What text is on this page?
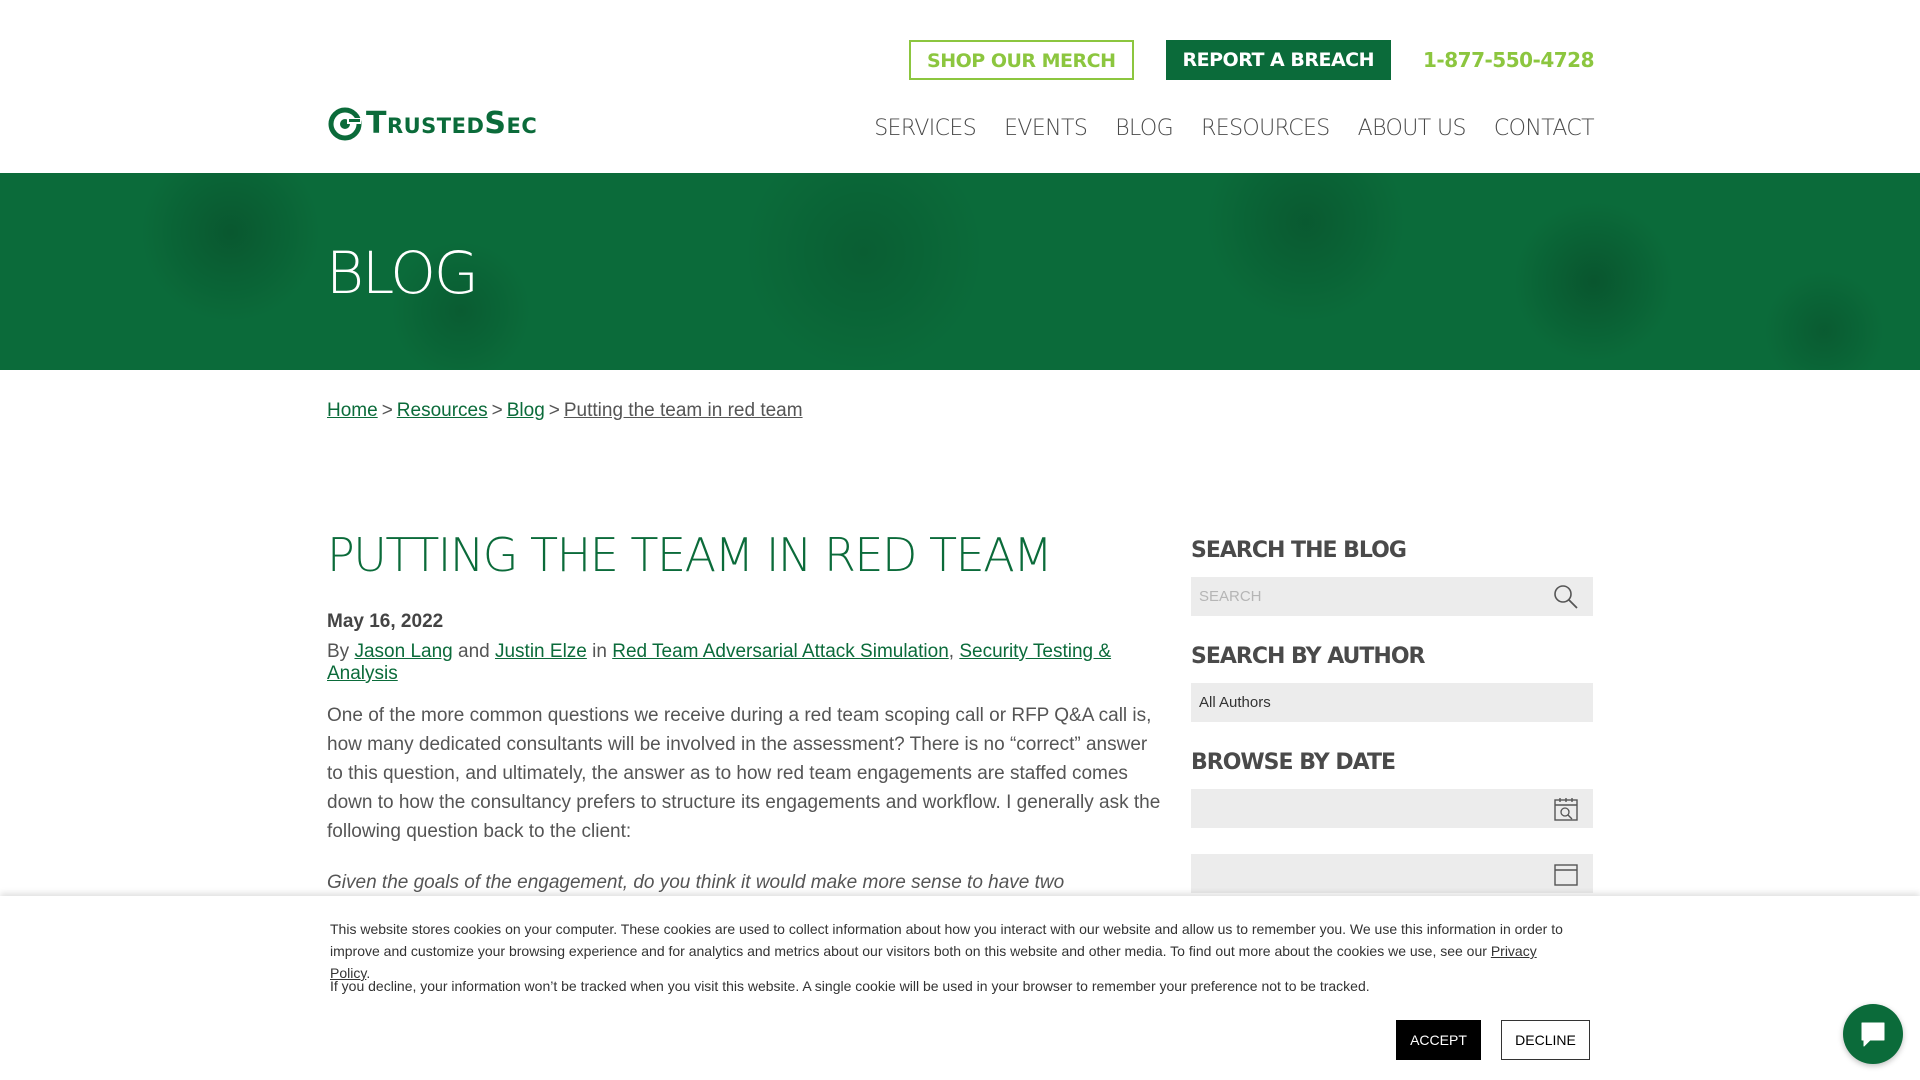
SHOP OUR MERCH	REPORT A BREACH	1-877-550-4728
TrustedSec	SERVICES EVENTS BLOG RESOURCES ABOUT US CONTACT
BLOG
Home > Resources > Blog > Putting the team in red team
PUTTING THE TEAM IN RED TEAM
May 16, 2022
By Jason Lang and Justin Elze in Red Team Adversarial Attack Simulation, Security Testing & Analysis

One of the more common questions we receive during a red team scoping call or RFP Q&A call is, how many dedicated consultants will be involved in the assessment? There is no “correct” answer to this question, and ultimately, the answer as to how red team engagements are staffed comes down to how the consultancy prefers to structure its engagements and workflow. I generally ask the following question back to the client:

Given the goals of the engagement, do you think it would make more sense to have two

SEARCH THE BLOG
SEARCH
SEARCH BY AUTHOR
All Authors
BROWSE BY DATE
This website stores cookies on your computer. These cookies are used to collect information about how you interact with our website and allow us to remember you. We use this information in order to improve and customize your browsing experience and for analytics and metrics about our visitors both on this website and other media. To find out more about the cookies we use, see our Privacy Policy.
If you decline, your information won’t be tracked when you visit this website. A single cookie will be used in your browser to remember your preference not to be tracked.
ACCEPT	DECLINE
